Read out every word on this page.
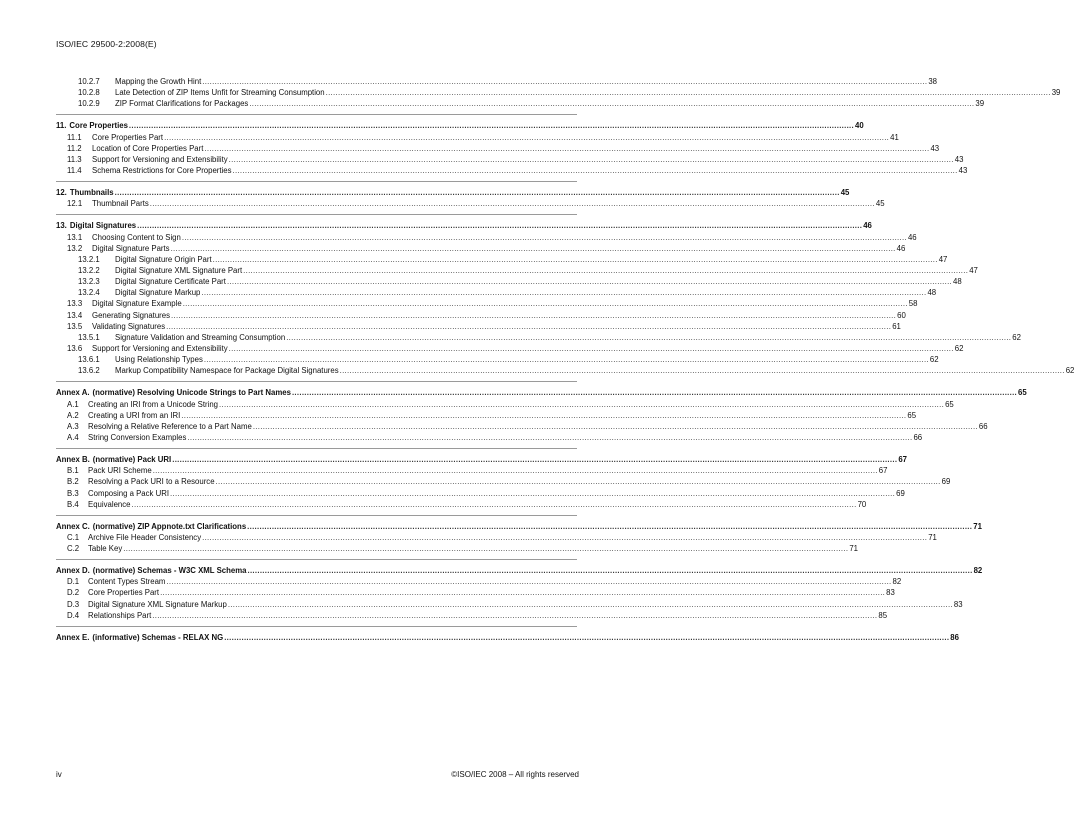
ISO/IEC 29500-2:2008(E)
10.2.7	Mapping the Growth Hint .....	38
10.2.8	Late Detection of ZIP Items Unfit for Streaming Consumption .....	39
10.2.9	ZIP Format Clarifications for Packages .....	39
11. Core Properties .....	40
11.1	Core Properties Part .....	41
11.2	Location of Core Properties Part .....	43
11.3	Support for Versioning and Extensibility .....	43
11.4	Schema Restrictions for Core Properties .....	43
12. Thumbnails .....	45
12.1	Thumbnail Parts .....	45
13. Digital Signatures .....	46
13.1	Choosing Content to Sign .....	46
13.2	Digital Signature Parts .....	46
13.2.1	Digital Signature Origin Part .....	47
13.2.2	Digital Signature XML Signature Part .....	47
13.2.3	Digital Signature Certificate Part .....	48
13.2.4	Digital Signature Markup .....	48
13.3	Digital Signature Example .....	58
13.4	Generating Signatures .....	60
13.5	Validating Signatures .....	61
13.5.1	Signature Validation and Streaming Consumption .....	62
13.6	Support for Versioning and Extensibility .....	62
13.6.1	Using Relationship Types .....	62
13.6.2	Markup Compatibility Namespace for Package Digital Signatures .....	62
Annex A. (normative) Resolving Unicode Strings to Part Names .....	65
A.1	Creating an IRI from a Unicode String .....	65
A.2	Creating a URI from an IRI .....	65
A.3	Resolving a Relative Reference to a Part Name .....	66
A.4	String Conversion Examples .....	66
Annex B. (normative) Pack URI .....	67
B.1	Pack URI Scheme .....	67
B.2	Resolving a Pack URI to a Resource .....	69
B.3	Composing a Pack URI .....	69
B.4	Equivalence .....	70
Annex C. (normative) ZIP Appnote.txt Clarifications .....	71
C.1	Archive File Header Consistency .....	71
C.2	Table Key .....	71
Annex D. (normative) Schemas - W3C XML Schema .....	82
D.1	Content Types Stream .....	82
D.2	Core Properties Part .....	83
D.3	Digital Signature XML Signature Markup .....	83
D.4	Relationships Part .....	85
Annex E. (informative) Schemas - RELAX NG .....	86
iv	©ISO/IEC 2008 – All rights reserved
